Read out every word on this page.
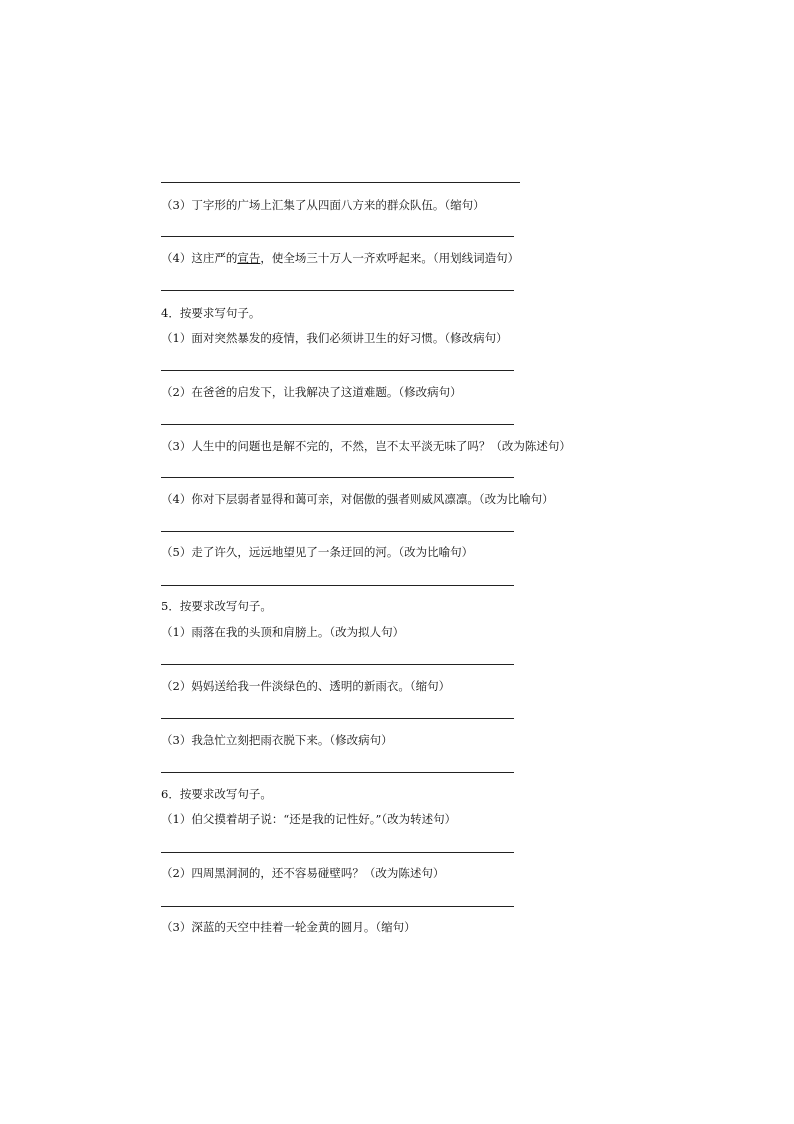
（3）丁字形的广场上汇集了从四面八方来的群众队伍。（缩句）
（4）这庄严的宣告，使全场三十万人一齐欢呼起来。（用划线词造句）
4．按要求写句子。
（1）面对突然暴发的疫情，我们必须讲卫生的好习惯。（修改病句）
（2）在爸爸的启发下，让我解决了这道难题。（修改病句）
（3）人生中的问题也是解不完的，不然，岂不太平淡无味了吗？（改为陈述句）
（4）你对下层弱者显得和蔼可亲，对倨傲的强者则威风凛凛。（改为比喻句）
（5）走了许久，远远地望见了一条迂回的河。（改为比喻句）
5．按要求改写句子。
（1）雨落在我的头顶和肩膀上。（改为拟人句）
（2）妈妈送给我一件淡绿色的、透明的新雨衣。（缩句）
（3）我急忙立刻把雨衣脱下来。（修改病句）
6．按要求改写句子。
（1）伯父摸着胡子说：“还是我的记性好。”（改为转述句）
（2）四周黑洞洞的，还不容易碰壁吗？（改为陈述句）
（3）深蓝的天空中挂着一轮金黄的圆月。（缩句）
